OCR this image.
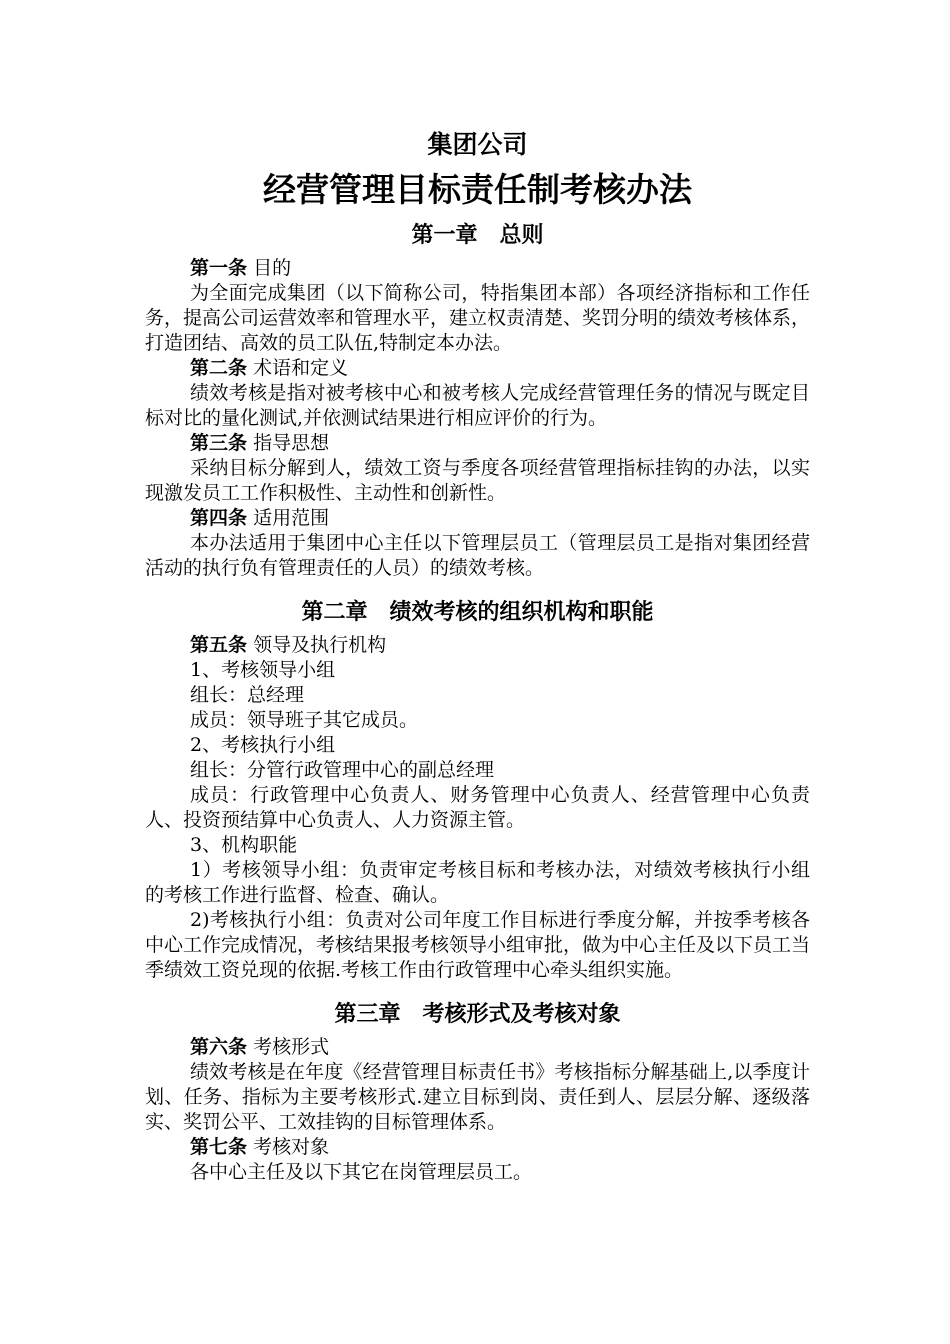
集团公司
经营管理目标责任制考核办法
第一章　总则
第一条 目的

为全面完成集团（以下简称公司，特指集团本部）各项经济指标和工作任务，提高公司运营效率和管理水平，建立权责清楚、奖罚分明的绩效考核体系，打造团结、高效的员工队伍,特制定本办法。

第二条 术语和定义

绩效考核是指对被考核中心和被考核人完成经营管理任务的情况与既定目标对比的量化测试,并依测试结果进行相应评价的行为。

第三条 指导思想

采纳目标分解到人，绩效工资与季度各项经营管理指标挂钩的办法，以实现激发员工工作积极性、主动性和创新性。

第四条 适用范围

本办法适用于集团中心主任以下管理层员工（管理层员工是指对集团经营活动的执行负有管理责任的人员）的绩效考核。

第二章　绩效考核的组织机构和职能
第五条 领导及执行机构
1、考核领导小组
组长：总经理
成员：领导班子其它成员。
2、考核执行小组
组长：分管行政管理中心的副总经理

成员：行政管理中心负责人、财务管理中心负责人、经营管理中心负责人、投资预结算中心负责人、人力资源主管。

3、机构职能

1）考核领导小组：负责审定考核目标和考核办法，对绩效考核执行小组的考核工作进行监督、检查、确认。

2)考核执行小组：负责对公司年度工作目标进行季度分解，并按季考核各中心工作完成情况，考核结果报考核领导小组审批，做为中心主任及以下员工当季绩效工资兑现的依据.考核工作由行政管理中心牵头组织实施。

第三章　考核形式及考核对象
第六条 考核形式

绩效考核是在年度《经营管理目标责任书》考核指标分解基础上,以季度计划、任务、指标为主要考核形式.建立目标到岗、责任到人、层层分解、逐级落实、奖罚公平、工效挂钩的目标管理体系。

第七条 考核对象

各中心主任及以下其它在岗管理层员工。
